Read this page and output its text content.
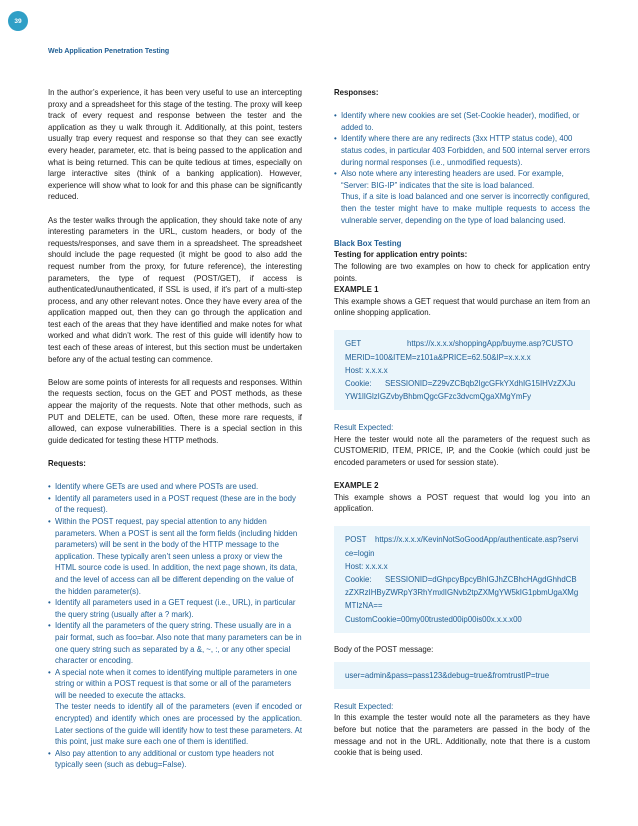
39
Web Application Penetration Testing

In the author’s experience, it has been very useful to use an intercepting proxy and a spreadsheet for this stage of the testing. The proxy will keep track of every request and response between the tester and the application as they u walk through it. Additionally, at this point, testers usually trap every request and response so that they can see exactly every header, parameter, etc. that is being passed to the application and what is being returned. This can be quite tedious at times, especially on large interactive sites (think of a banking application). However, experience will show what to look for and this phase can be significantly reduced.

As the tester walks through the application, they should take note of any interesting parameters in the URL, custom headers, or body of the requests/responses, and save them in a spreadsheet. The spreadsheet should include the page requested (it might be good to also add the request number from the proxy, for future reference), the interesting parameters, the type of request (POST/GET), if access is authenticated/unauthenticated, if SSL is used, if it’s part of a multi-step process, and any other relevant notes. Once they have every area of the application mapped out, then they can go through the application and test each of the areas that they have identified and make notes for what worked and what didn’t work. The rest of this guide will identify how to test each of these areas of interest, but this section must be undertaken before any of the actual testing can commence.

Below are some points of interests for all requests and responses. Within the requests section, focus on the GET and POST methods, as these appear the majority of the requests. Note that other methods, such as PUT and DELETE, can be used. Often, these more rare requests, if allowed, can expose vulnerabilities. There is a special section in this guide dedicated for testing these HTTP methods.

Requests:
• Identify where GETs are used and where POSTs are used.
• Identify all parameters used in a POST request (these are in the body of the request).
• Within the POST request, pay special attention to any hidden parameters. When a POST is sent all the form fields (including hidden parameters) will be sent in the body of the HTTP message to the application. These typically aren’t seen unless a proxy or view the HTML source code is used. In addition, the next page shown, its data, and the level of access can all be different depending on the value of the hidden parameter(s).
• Identify all parameters used in a GET request (i.e., URL), in particular the query string (usually after a ? mark).
• Identify all the parameters of the query string. These usually are in a pair format, such as foo=bar. Also note that many parameters can be in one query string such as separated by a &, ~, :, or any other special character or encoding.
• A special note when it comes to identifying multiple parameters in one string or within a POST request is that some or all of the parameters will be needed to execute the attacks.

The tester needs to identify all of the parameters (even if encoded or encrypted) and identify which ones are processed by the application. Later sections of the guide will identify how to test these parameters. At this point, just make sure each one of them is identified.

• Also pay attention to any additional or custom type headers not typically seen (such as debug=False).
Responses:
• Identify where new cookies are set (Set-Cookie header), modified, or added to.
• Identify where there are any redirects (3xx HTTP status code), 400 status codes, in particular 403 Forbidden, and 500 internal server errors during normal responses (i.e., unmodified requests).
• Also note where any interesting headers are used. For example, “Server: BIG-IP” indicates that the site is load balanced.

Thus, if a site is load balanced and one server is incorrectly configured, then the tester might have to make multiple requests to access the vulnerable server, depending on the type of load balancing used.

Black Box Testing
Testing for application entry points:

The following are two examples on how to check for application entry points.

EXAMPLE 1

This example shows a GET request that would purchase an item from an online shopping application.

GET	https://x.x.x.x/shoppingApp/buyme.asp?CUSTOMERID=100&ITEM=z101a&PRICE=62.50&IP=x.x.x.x
Host: x.x.x.x
Cookie: SESSIONID=Z29vZCBqb2IgcGFkYXdhIG15IHVzZXJuYW1lIGlzIGZvbyBhbmQgcGFzc3dvcmQgaXMgYmFy
Result Expected:

Here the tester would note all the parameters of the request such as CUSTOMERID, ITEM, PRICE, IP, and the Cookie (which could just be encoded parameters or used for session state).

EXAMPLE 2

This example shows a POST request that would log you into an application.

POST https://x.x.x.x/KevinNotSoGoodApp/authenticate.asp?service=login
Host: x.x.x.x
Cookie: SESSIONID=dGhpcyBpcyBhIGJhZCBhcHAgdGhhdCBzZXRzIHByZWRpY3RhYmxlIGNvb2tpZXMgYW5kIG1pbmUgaXMgMTIzNA==
CustomCookie=00my00trusted00ip00is00x.x.x.x00
Body of the POST message:
user=admin&pass=pass123&debug=true&fromtrustIP=true
Result Expected:

In this example the tester would note all the parameters as they have before but notice that the parameters are passed in the body of the message and not in the URL. Additionally, note that there is a custom cookie that is being used.
